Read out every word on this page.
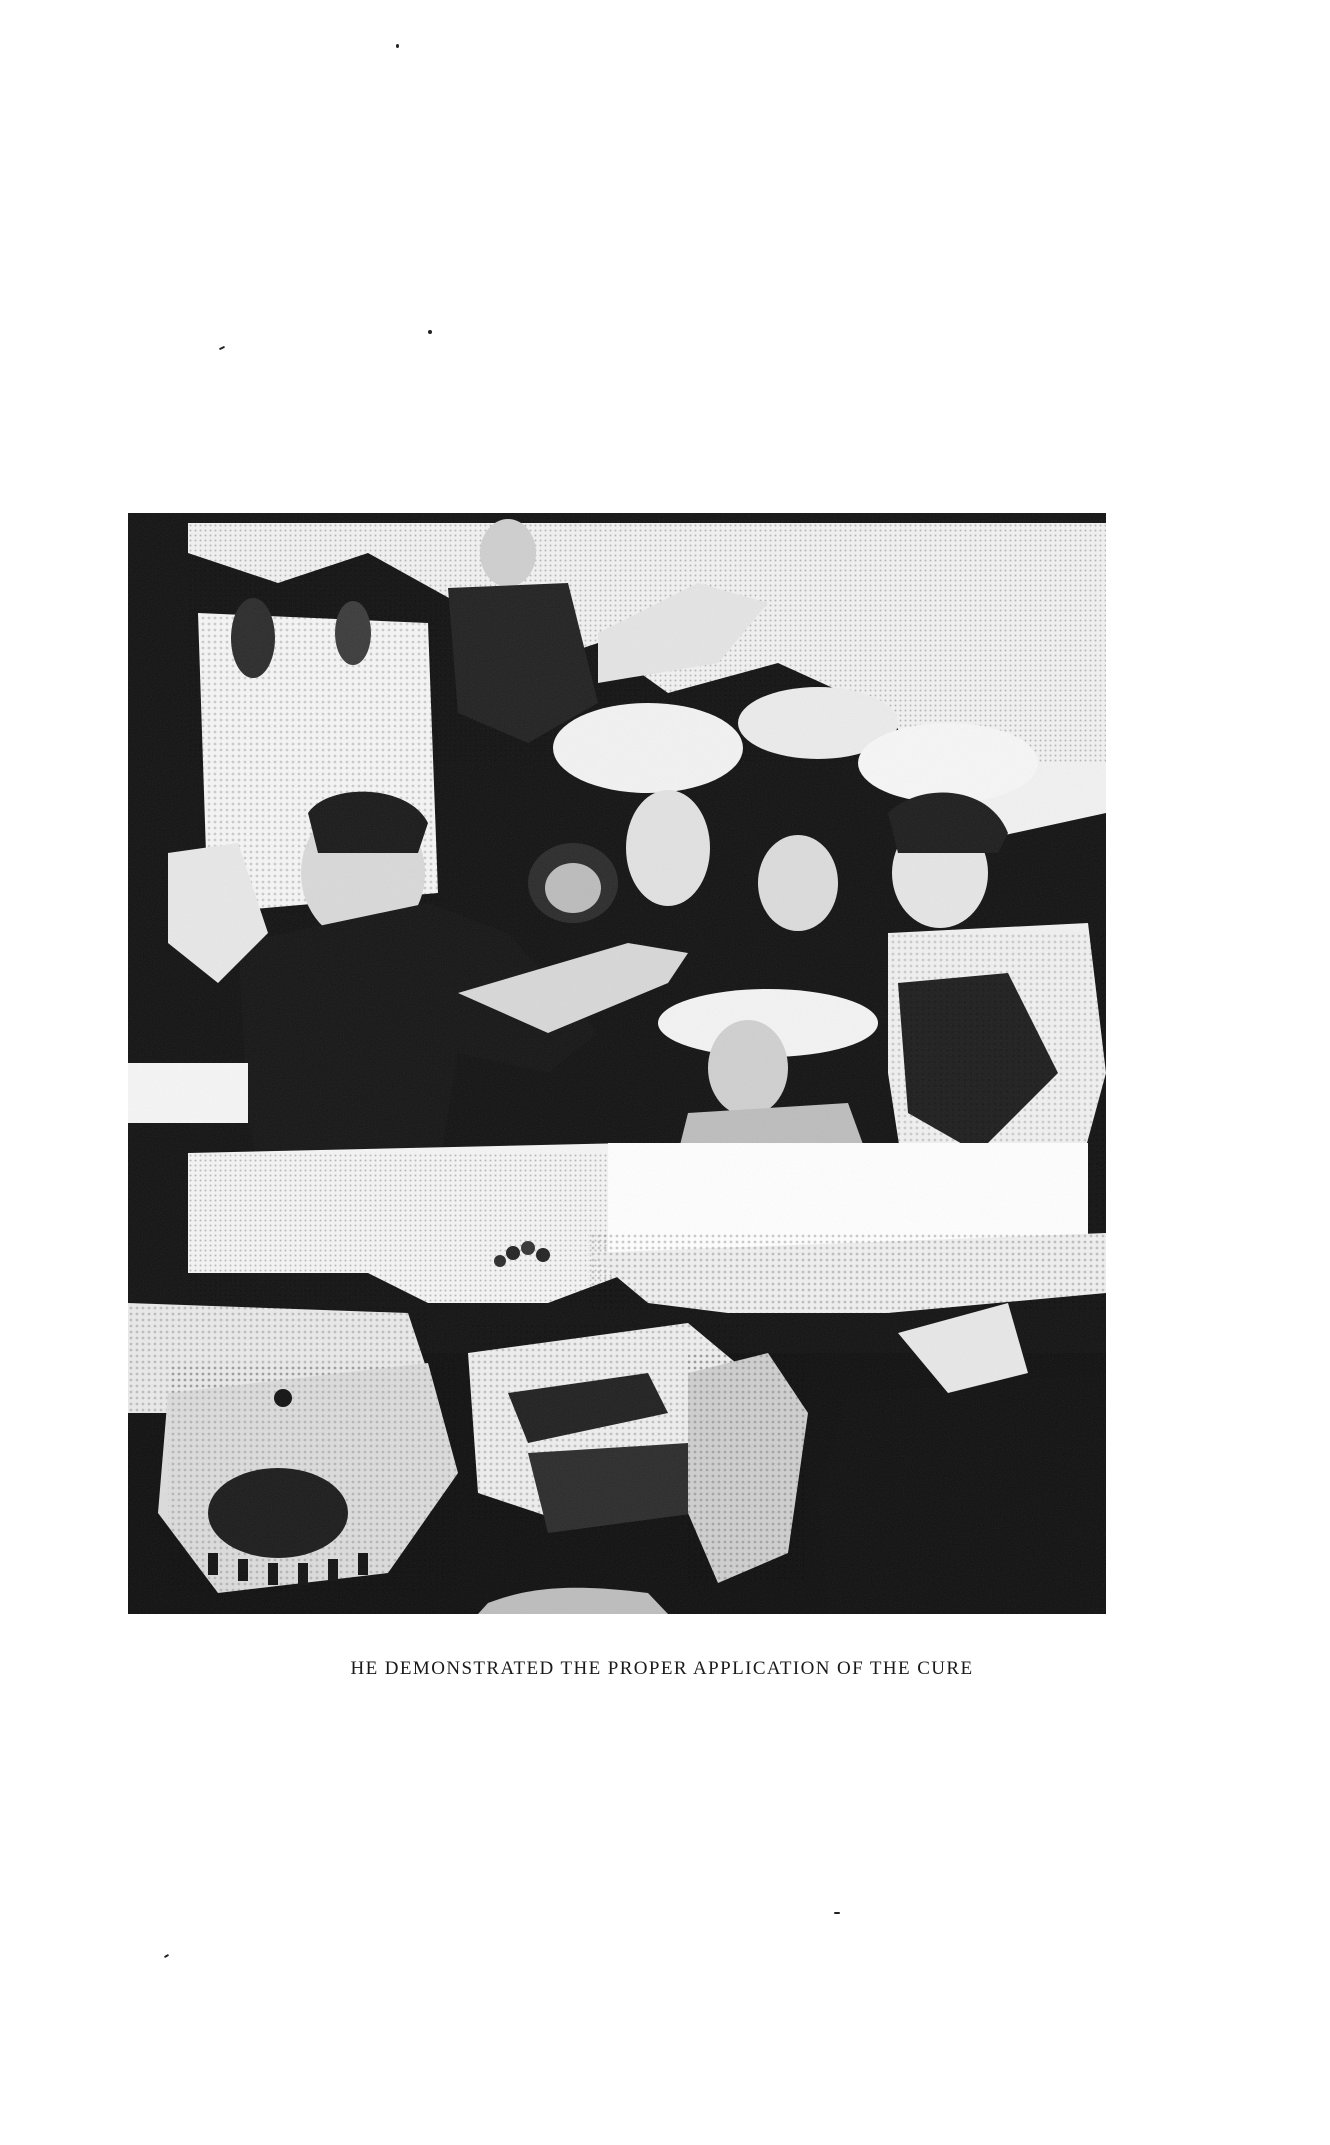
HE DEMONSTRATED THE PROPER APPLICATION OF THE CURE
